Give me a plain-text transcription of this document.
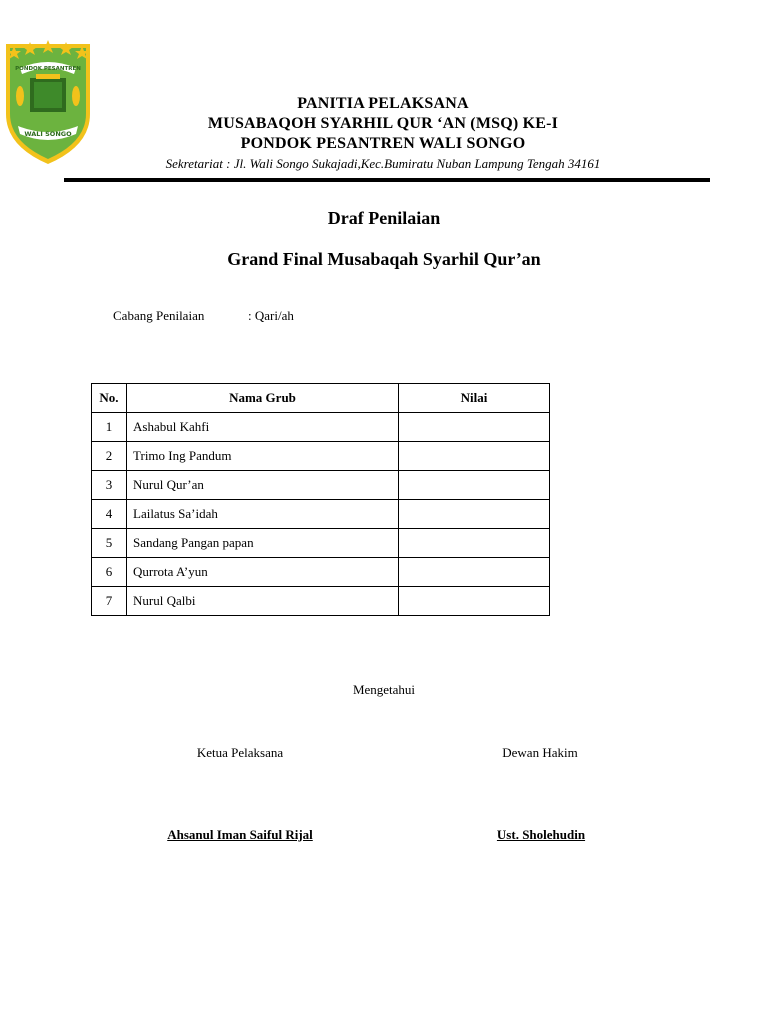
PONDOK PESANTREN
WALI SONGO
PANITIA PELAKSANA
MUSABAQOH SYARHIL QUR ‘AN (MSQ) KE-I
PONDOK PESANTREN WALI SONGO
Sekretariat : Jl. Wali Songo Sukajadi,Kec.Bumiratu Nuban Lampung Tengah 34161
Draf Penilaian
Grand Final Musabaqah Syarhil Qur’an
Cabang Penilaian	: Qari/ah
No.	Nama Grub	Nilai
1	Ashabul Kahfi	
2	Trimo Ing Pandum	
3	Nurul Qur’an	
4	Lailatus Sa’idah	
5	Sandang Pangan papan	
6	Qurrota A’yun	
7	Nurul Qalbi	
Mengetahui
Ketua Pelaksana	Dewan Hakim
Ahsanul Iman Saiful Rijal	Ust. Sholehudin
